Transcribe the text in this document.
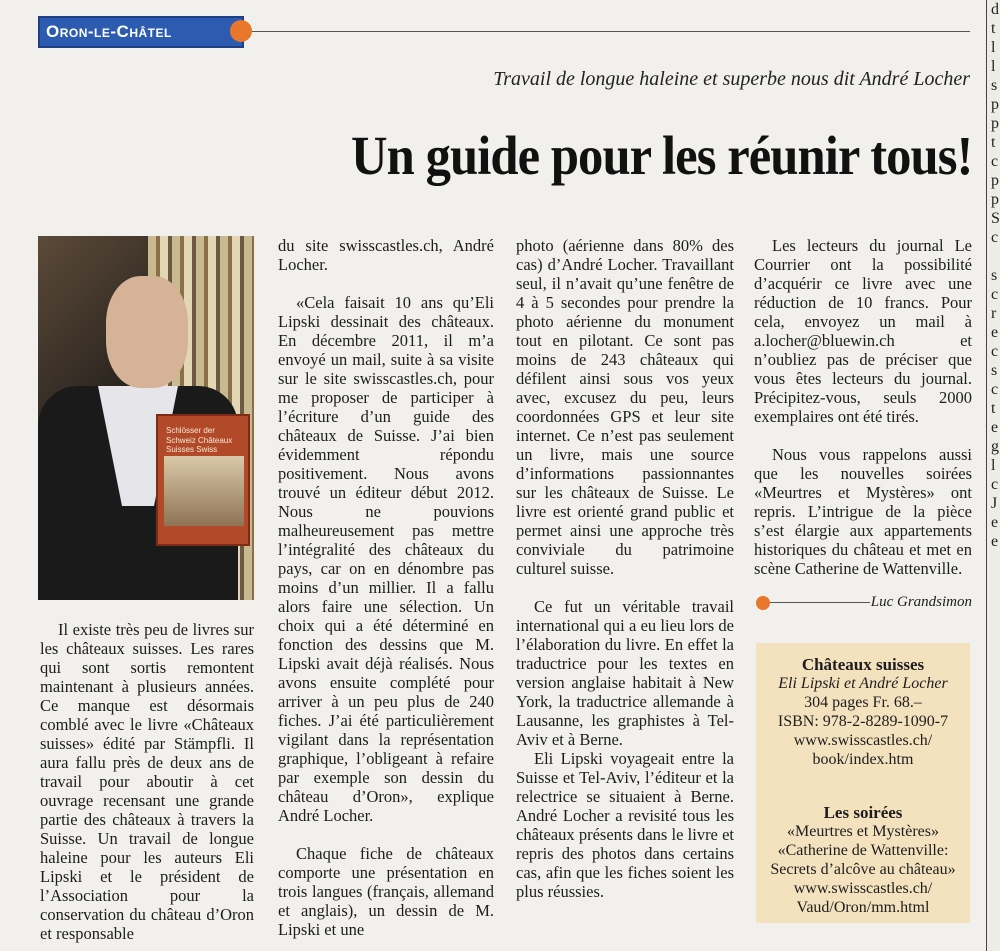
Oron-le-Châtel
Travail de longue haleine et superbe nous dit André Locher
Un guide pour les réunir tous!
Schlösser der Schweiz Châteaux Suisses Swiss

Il existe très peu de livres sur les châteaux suisses. Les rares qui sont sortis remontent maintenant à plusieurs années. Ce manque est désormais comblé avec le livre «Châteaux suisses» édité par Stämpfli. Il aura fallu près de deux ans de travail pour aboutir à cet ouvrage recensant une grande partie des châteaux à travers la Suisse. Un travail de longue haleine pour les auteurs Eli Lipski et le président de l’Association pour la conservation du château d’Oron et responsable

du site swisscastles.ch, André Locher.

«Cela faisait 10 ans qu’Eli Lipski dessinait des châteaux. En décembre 2011, il m’a envoyé un mail, suite à sa visite sur le site swisscastles.ch, pour me proposer de participer à l’écriture d’un guide des châteaux de Suisse. J’ai bien évidemment répondu positivement. Nous avons trouvé un éditeur début 2012. Nous ne pouvions malheureusement pas mettre l’intégralité des châteaux du pays, car on en dénombre pas moins d’un millier. Il a fallu alors faire une sélection. Un choix qui a été déterminé en fonction des dessins que M. Lipski avait déjà réalisés. Nous avons ensuite complété pour arriver à un peu plus de 240 fiches. J’ai été particulièrement vigilant dans la représentation graphique, l’obligeant à refaire par exemple son dessin du château d’Oron», explique André Locher.

Chaque fiche de châteaux comporte une présentation en trois langues (français, allemand et anglais), un dessin de M. Lipski et une

photo (aérienne dans 80% des cas) d’André Locher. Travaillant seul, il n’avait qu’une fenêtre de 4 à 5 secondes pour prendre la photo aérienne du monument tout en pilotant. Ce sont pas moins de 243 châteaux qui défilent ainsi sous vos yeux avec, excusez du peu, leurs coordonnées GPS et leur site internet. Ce n’est pas seulement un livre, mais une source d’informations passionnantes sur les châteaux de Suisse. Le livre est orienté grand public et permet ainsi une approche très conviviale du patrimoine culturel suisse.

Ce fut un véritable travail international qui a eu lieu lors de l’élaboration du livre. En effet la traductrice pour les textes en version anglaise habitait à New York, la traductrice allemande à Lausanne, les graphistes à Tel-Aviv et à Berne.

Eli Lipski voyageait entre la Suisse et Tel-Aviv, l’éditeur et la relectrice se situaient à Berne. André Locher a revisité tous les châteaux présents dans le livre et repris des photos dans certains cas, afin que les fiches soient les plus réussies.

Les lecteurs du journal Le Courrier ont la possibilité d’acquérir ce livre avec une réduction de 10 francs. Pour cela, envoyez un mail à a.locher@bluewin.ch et n’oubliez pas de préciser que vous êtes lecteurs du journal. Précipitez-vous, seuls 2000 exemplaires ont été tirés.

Nous vous rappelons aussi que les nouvelles soirées «Meurtres et Mystères» ont repris. L’intrigue de la pièce s’est élargie aux appartements historiques du château et met en scène Catherine de Wattenville.

Luc Grandsimon
Châteaux suisses
Eli Lipski et André Locher
304 pages Fr. 68.–
ISBN: 978-2-8289-1090-7
www.swisscastles.ch/
book/index.htm
Les soirées
«Meurtres et Mystères»
«Catherine de Wattenville:
Secrets d’alcôve au château»
www.swisscastles.ch/
Vaud/Oron/mm.html
d
t
l
l
s
p
p
t
c
p
p
S
c

s
c
r
e
c
s
c
t
e
g
l
c
J
e
e
